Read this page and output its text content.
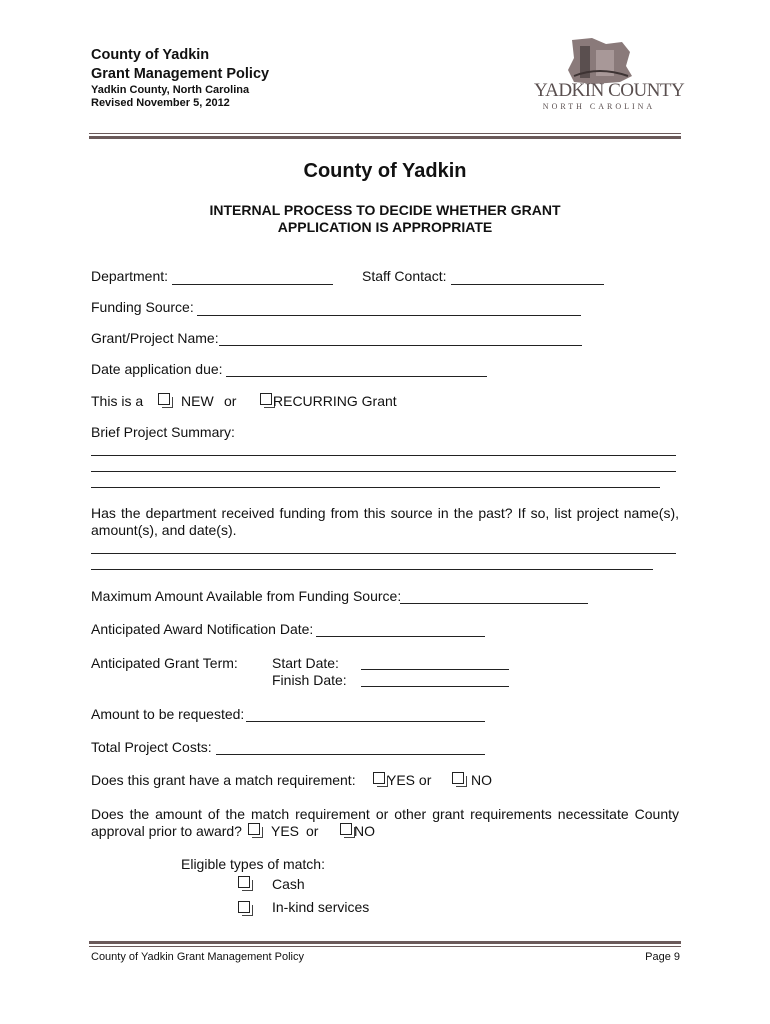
County of Yadkin
Grant Management Policy
Yadkin County, North Carolina
Revised November 5, 2012
YADKIN COUNTY
NORTH CAROLINA
County of Yadkin
INTERNAL PROCESS TO DECIDE WHETHER GRANT
APPLICATION IS APPROPRIATE
Department:	Staff Contact:
Funding Source:
Grant/Project Name:
Date application due:
This is a	NEW or	RECURRING Grant
Brief Project Summary:
Has the department received funding from this source in the past? If so, list project name(s), amount(s), and date(s).
Maximum Amount Available from Funding Source:
Anticipated Award Notification Date:
Anticipated Grant Term: Start Date:
Finish Date:
Amount to be requested:
Total Project Costs:
Does this grant have a match requirement: YES or	NO
Does the amount of the match requirement or other grant requirements necessitate County approval prior to award?	YES or	NO
Eligible types of match:
Cash
In-kind services
County of Yadkin Grant Management Policy	Page 9
